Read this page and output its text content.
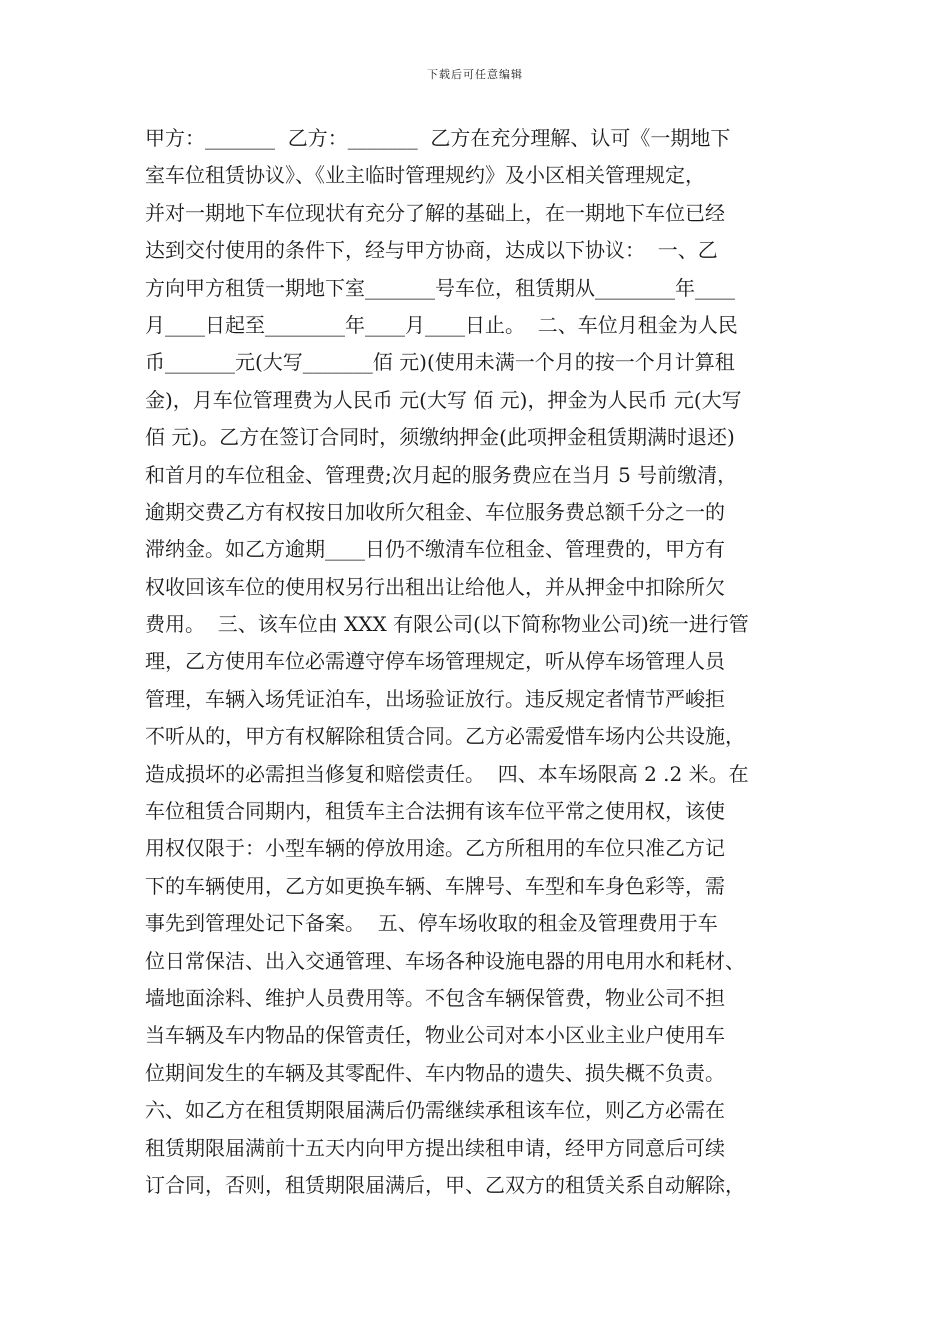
下载后可任意编辑
甲方：_______  乙方：_______  乙方在充分理解、认可《一期地下
室车位租赁协议》、《业主临时管理规约》及小区相关管理规定，
并对一期地下车位现状有充分了解的基础上，在一期地下车位已经
达到交付使用的条件下，经与甲方协商，达成以下协议：  一、乙
方向甲方租赁一期地下室_______号车位，租赁期从________年____
月____日起至________年____月____日止。  二、车位月租金为人民
币_______元(大写_______佰 元)(使用未满一个月的按一个月计算租
金)，月车位管理费为人民币 元(大写 佰 元)，押金为人民币 元(大写
佰 元)。乙方在签订合同时，须缴纳押金(此项押金租赁期满时退还)
和首月的车位租金、管理费;次月起的服务费应在当月 5 号前缴清，
逾期交费乙方有权按日加收所欠租金、车位服务费总额千分之一的
滞纳金。如乙方逾期____日仍不缴清车位租金、管理费的，甲方有
权收回该车位的使用权另行出租出让给他人，并从押金中扣除所欠
费用。  三、该车位由 XXX 有限公司(以下简称物业公司)统一进行管
理，乙方使用车位必需遵守停车场管理规定，听从停车场管理人员
管理，车辆入场凭证泊车，出场验证放行。违反规定者情节严峻拒
不听从的，甲方有权解除租赁合同。乙方必需爱惜车场内公共设施，
造成损坏的必需担当修复和赔偿责任。  四、本车场限高 2 .2 米。在
车位租赁合同期内，租赁车主合法拥有该车位平常之使用权，该使
用权仅限于：小型车辆的停放用途。乙方所租用的车位只准乙方记
下的车辆使用，乙方如更换车辆、车牌号、车型和车身色彩等，需
事先到管理处记下备案。  五、停车场收取的租金及管理费用于车
位日常保洁、出入交通管理、车场各种设施电器的用电用水和耗材、
墙地面涂料、维护人员费用等。不包含车辆保管费，物业公司不担
当车辆及车内物品的保管责任，物业公司对本小区业主业户使用车
位期间发生的车辆及其零配件、车内物品的遗失、损失概不负责。
六、如乙方在租赁期限届满后仍需继续承租该车位，则乙方必需在
租赁期限届满前十五天内向甲方提出续租申请，经甲方同意后可续
订合同，否则，租赁期限届满后，甲、乙双方的租赁关系自动解除，
